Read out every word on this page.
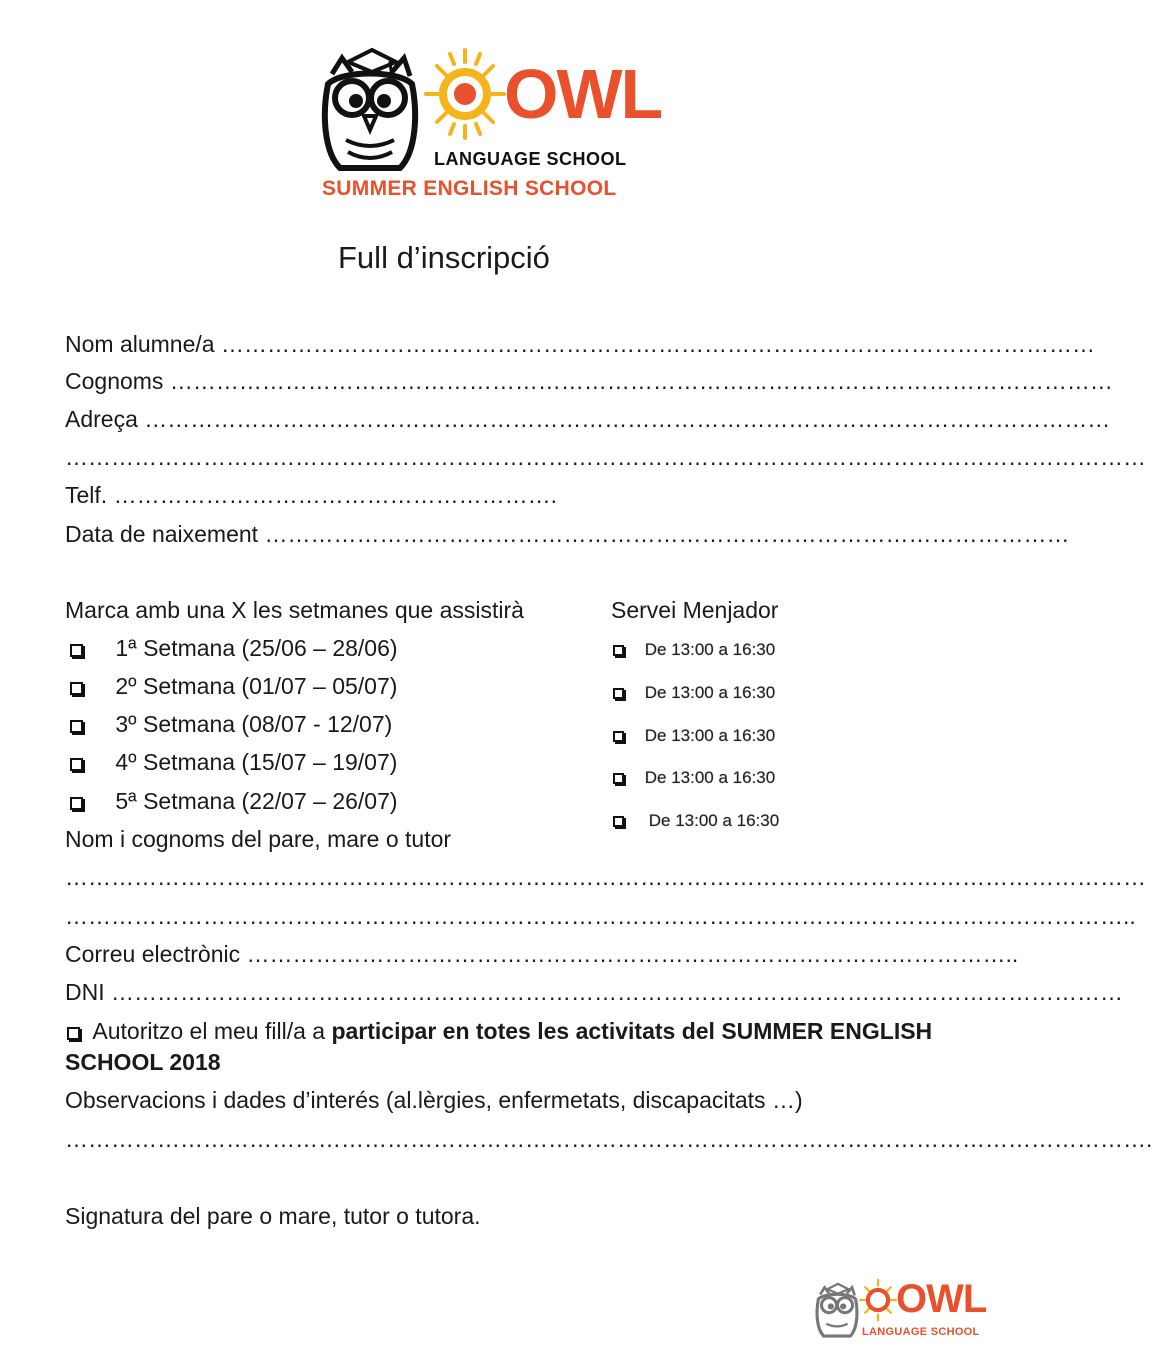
OWL
LANGUAGE SCHOOL
SUMMER ENGLISH SCHOOL
Full d’inscripció
Nom alumne/a ……………………………………………………………………………………………………
Cognoms ……………………………………………………………………………………………………………
Adreça ………………………………………………………………………………………………………………
……………………………………………………………………………………………………………………………
Telf. ………………………………………………….
Data de naixement ……………………………………………………………………………………………
Marca amb una X les setmanes que assistirà
1ª Setmana (25/06 – 28/06)
2º Setmana (01/07 – 05/07)
3º Setmana (08/07 - 12/07)
4º Setmana (15/07 – 19/07)
5ª Setmana (22/07 – 26/07)
Servei Menjador
De 13:00 a 16:30
De 13:00 a 16:30
De 13:00 a 16:30
De 13:00 a 16:30
De 13:00 a 16:30
Nom i cognoms del pare, mare o tutor
……………………………………………………………………………………………………………………………
…………………………………………………………………………………………………………………………..
Correu electrònic ………………………………………………………………………………………..
DNI ……………………………………………………………………………………………………………………
Autoritzo el meu fill/a a participar en totes les activitats del SUMMER ENGLISH
SCHOOL 2018
Observacions i dades d’interés (al.lèrgies, enfermetats, discapacitats …)
…………………………………………………………………………………………………………………………….
Signatura del pare o mare, tutor o tutora.
OWL
LANGUAGE SCHOOL
